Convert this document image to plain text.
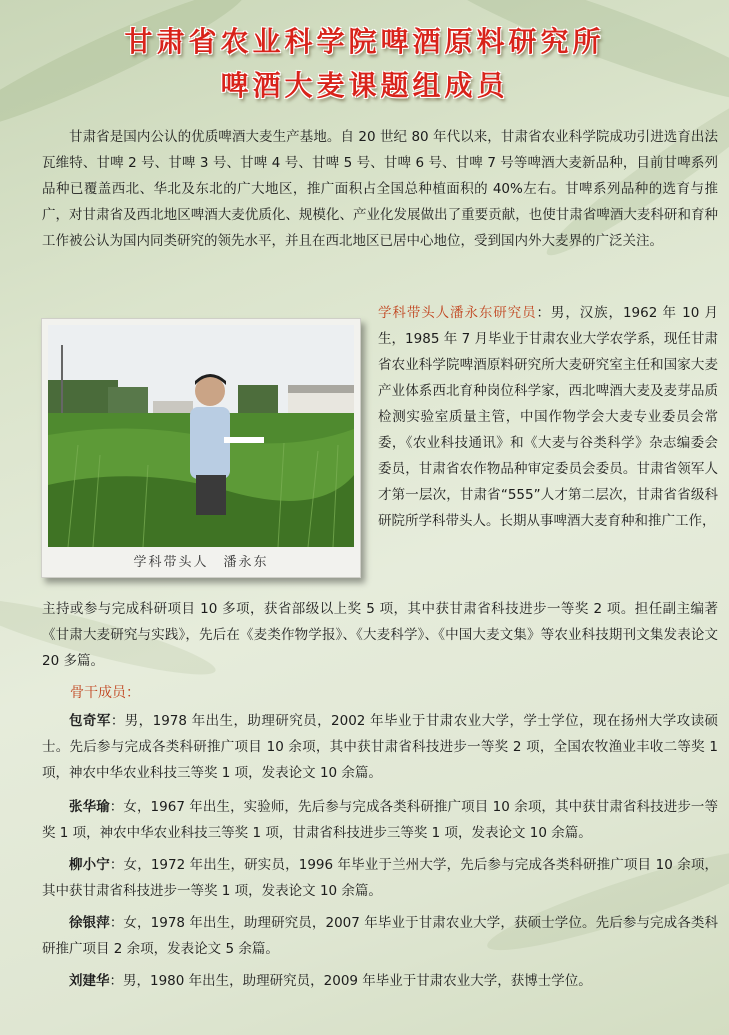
甘肃省农业科学院啤酒原料研究所
啤酒大麦课题组成员

甘肃省是国内公认的优质啤酒大麦生产基地。自 20 世纪 80 年代以来，甘肃省农业科学院成功引进选育出法瓦维特、甘啤 2 号、甘啤 3 号、甘啤 4 号、甘啤 5 号、甘啤 6 号、甘啤 7 号等啤酒大麦新品种，目前甘啤系列品种已覆盖西北、华北及东北的广大地区，推广面积占全国总种植面积的 40%左右。甘啤系列品种的选育与推广，对甘肃省及西北地区啤酒大麦优质化、规模化、产业化发展做出了重要贡献，也使甘肃省啤酒大麦科研和育种工作被公认为国内同类研究的领先水平，并且在西北地区已居中心地位，受到国内外大麦界的广泛关注。

学科带头人　潘永东

学科带头人潘永东研究员：男，汉族，1962 年 10 月生，1985 年 7 月毕业于甘肃农业大学农学系，现任甘肃省农业科学院啤酒原料研究所大麦研究室主任和国家大麦产业体系西北育种岗位科学家，西北啤酒大麦及麦芽品质检测实验室质量主管，中国作物学会大麦专业委员会常委，《农业科技通讯》和《大麦与谷类科学》杂志编委会委员，甘肃省农作物品种审定委员会委员。甘肃省领军人才第一层次，甘肃省“555”人才第二层次，甘肃省省级科研院所学科带头人。长期从事啤酒大麦育种和推广工作，

主持或参与完成科研项目 10 多项，获省部级以上奖 5 项，其中获甘肃省科技进步一等奖 2 项。担任副主编著《甘肃大麦研究与实践》，先后在《麦类作物学报》、《大麦科学》、《中国大麦文集》等农业科技期刊文集发表论文 20 多篇。

骨干成员：

包奇军：男，1978 年出生，助理研究员，2002 年毕业于甘肃农业大学，学士学位，现在扬州大学攻读硕士。先后参与完成各类科研推广项目 10 余项，其中获甘肃省科技进步一等奖 2 项，全国农牧渔业丰收二等奖 1 项，神农中华农业科技三等奖 1 项，发表论文 10 余篇。

张华瑜：女，1967 年出生，实验师，先后参与完成各类科研推广项目 10 余项，其中获甘肃省科技进步一等奖 1 项，神农中华农业科技三等奖 1 项，甘肃省科技进步三等奖 1 项，发表论文 10 余篇。

柳小宁：女，1972 年出生，研实员，1996 年毕业于兰州大学，先后参与完成各类科研推广项目 10 余项，其中获甘肃省科技进步一等奖 1 项，发表论文 10 余篇。

徐银萍：女，1978 年出生，助理研究员，2007 年毕业于甘肃农业大学，获硕士学位。先后参与完成各类科研推广项目 2 余项，发表论文 5 余篇。

刘建华：男，1980 年出生，助理研究员，2009 年毕业于甘肃农业大学，获博士学位。
